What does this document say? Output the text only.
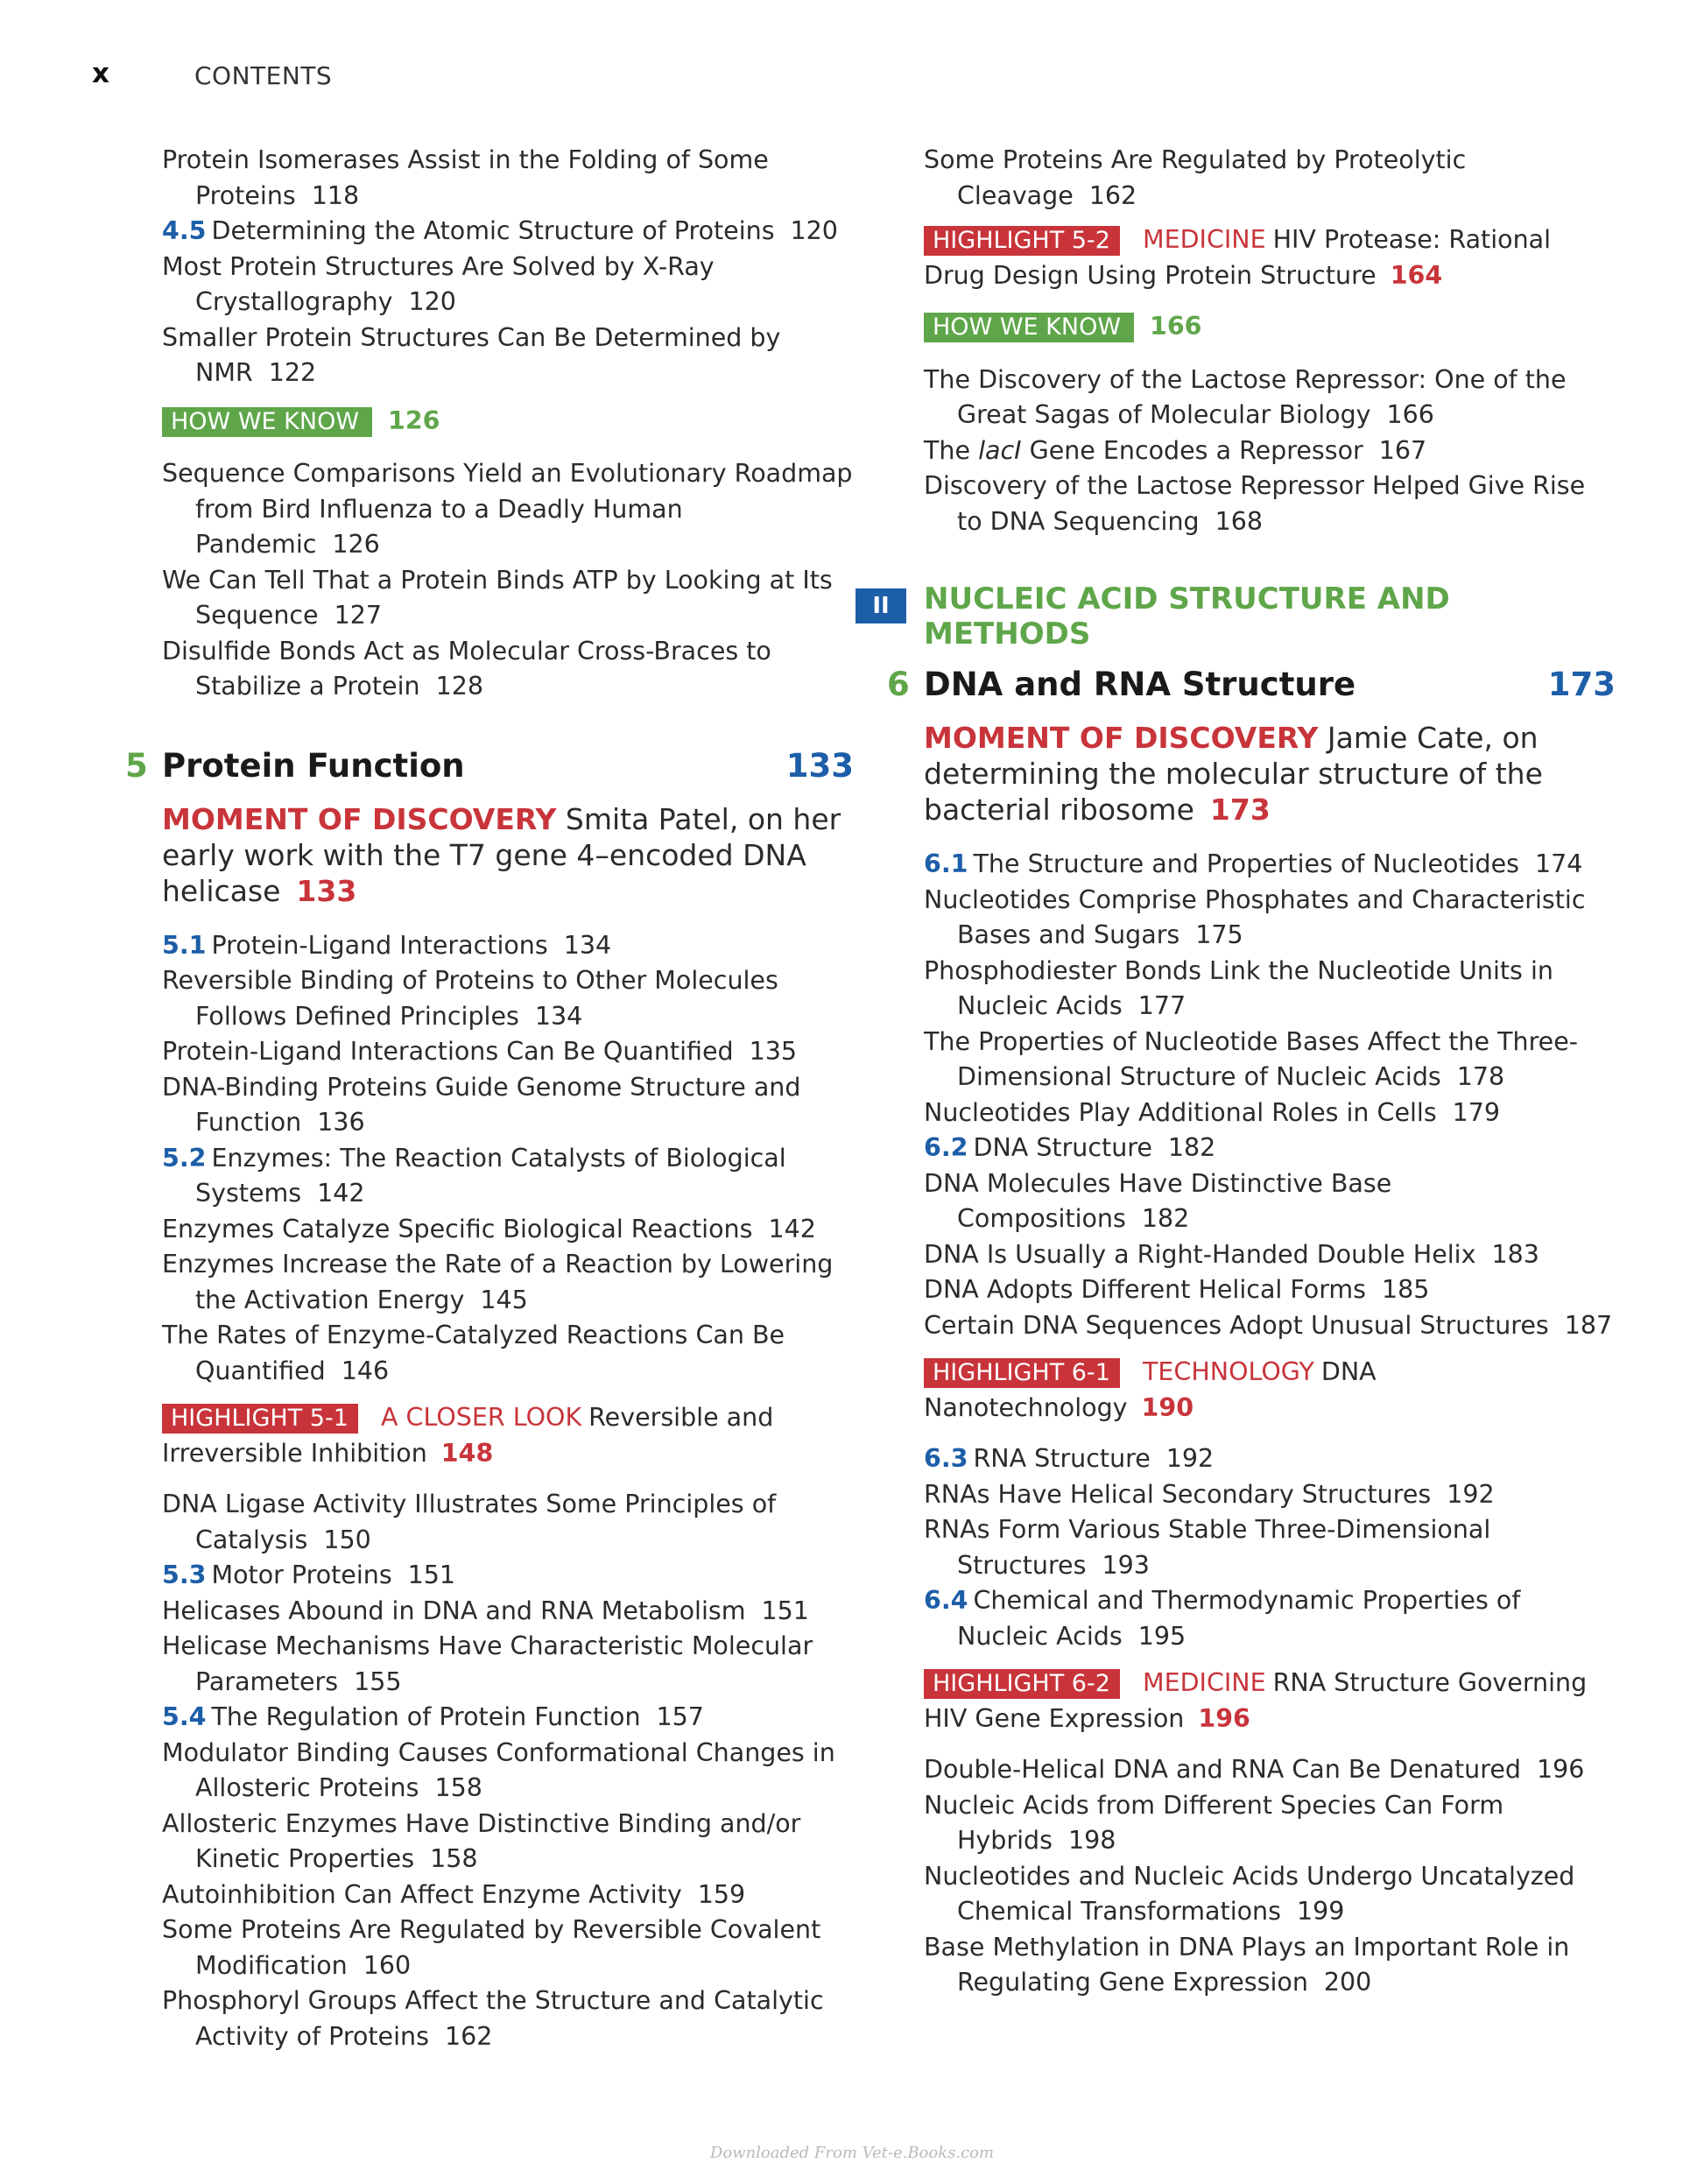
x	CONTENTS
Protein Isomerases Assist in the Folding of Some Proteins 118
4.5 Determining the Atomic Structure of Proteins 120
Most Protein Structures Are Solved by X-Ray Crystallography 120
Smaller Protein Structures Can Be Determined by NMR 122
HOW WE KNOW 126
Sequence Comparisons Yield an Evolutionary Roadmap from Bird Influenza to a Deadly Human Pandemic 126
We Can Tell That a Protein Binds ATP by Looking at Its Sequence 127
Disulfide Bonds Act as Molecular Cross-Braces to Stabilize a Protein 128
5 Protein Function	133
MOMENT OF DISCOVERY Smita Patel, on her early work with the T7 gene 4–encoded DNA helicase 133
5.1 Protein-Ligand Interactions 134
Reversible Binding of Proteins to Other Molecules Follows Defined Principles 134
Protein-Ligand Interactions Can Be Quantified 135
DNA-Binding Proteins Guide Genome Structure and Function 136
5.2 Enzymes: The Reaction Catalysts of Biological Systems 142
Enzymes Catalyze Specific Biological Reactions 142
Enzymes Increase the Rate of a Reaction by Lowering the Activation Energy 145
The Rates of Enzyme-Catalyzed Reactions Can Be Quantified 146
HIGHLIGHT 5-1 A CLOSER LOOK Reversible and Irreversible Inhibition 148
DNA Ligase Activity Illustrates Some Principles of Catalysis 150
5.3 Motor Proteins 151
Helicases Abound in DNA and RNA Metabolism 151
Helicase Mechanisms Have Characteristic Molecular Parameters 155
5.4 The Regulation of Protein Function 157
Modulator Binding Causes Conformational Changes in Allosteric Proteins 158
Allosteric Enzymes Have Distinctive Binding and/or Kinetic Properties 158
Autoinhibition Can Affect Enzyme Activity 159
Some Proteins Are Regulated by Reversible Covalent Modification 160
Phosphoryl Groups Affect the Structure and Catalytic Activity of Proteins 162
Some Proteins Are Regulated by Proteolytic Cleavage 162
HIGHLIGHT 5-2 MEDICINE HIV Protease: Rational Drug Design Using Protein Structure 164
HOW WE KNOW 166
The Discovery of the Lactose Repressor: One of the Great Sagas of Molecular Biology 166
The lacI Gene Encodes a Repressor 167
Discovery of the Lactose Repressor Helped Give Rise to DNA Sequencing 168
II	NUCLEIC ACID STRUCTURE AND METHODS
6 DNA and RNA Structure	173
MOMENT OF DISCOVERY Jamie Cate, on determining the molecular structure of the bacterial ribosome 173
6.1 The Structure and Properties of Nucleotides 174
Nucleotides Comprise Phosphates and Characteristic Bases and Sugars 175
Phosphodiester Bonds Link the Nucleotide Units in Nucleic Acids 177
The Properties of Nucleotide Bases Affect the Three-Dimensional Structure of Nucleic Acids 178
Nucleotides Play Additional Roles in Cells 179
6.2 DNA Structure 182
DNA Molecules Have Distinctive Base Compositions 182
DNA Is Usually a Right-Handed Double Helix 183
DNA Adopts Different Helical Forms 185
Certain DNA Sequences Adopt Unusual Structures 187
HIGHLIGHT 6-1 TECHNOLOGY DNA Nanotechnology 190
6.3 RNA Structure 192
RNAs Have Helical Secondary Structures 192
RNAs Form Various Stable Three-Dimensional Structures 193
6.4 Chemical and Thermodynamic Properties of Nucleic Acids 195
HIGHLIGHT 6-2 MEDICINE RNA Structure Governing HIV Gene Expression 196
Double-Helical DNA and RNA Can Be Denatured 196
Nucleic Acids from Different Species Can Form Hybrids 198
Nucleotides and Nucleic Acids Undergo Uncatalyzed Chemical Transformations 199
Base Methylation in DNA Plays an Important Role in Regulating Gene Expression 200
Downloaded From Vet-e.Books.com
